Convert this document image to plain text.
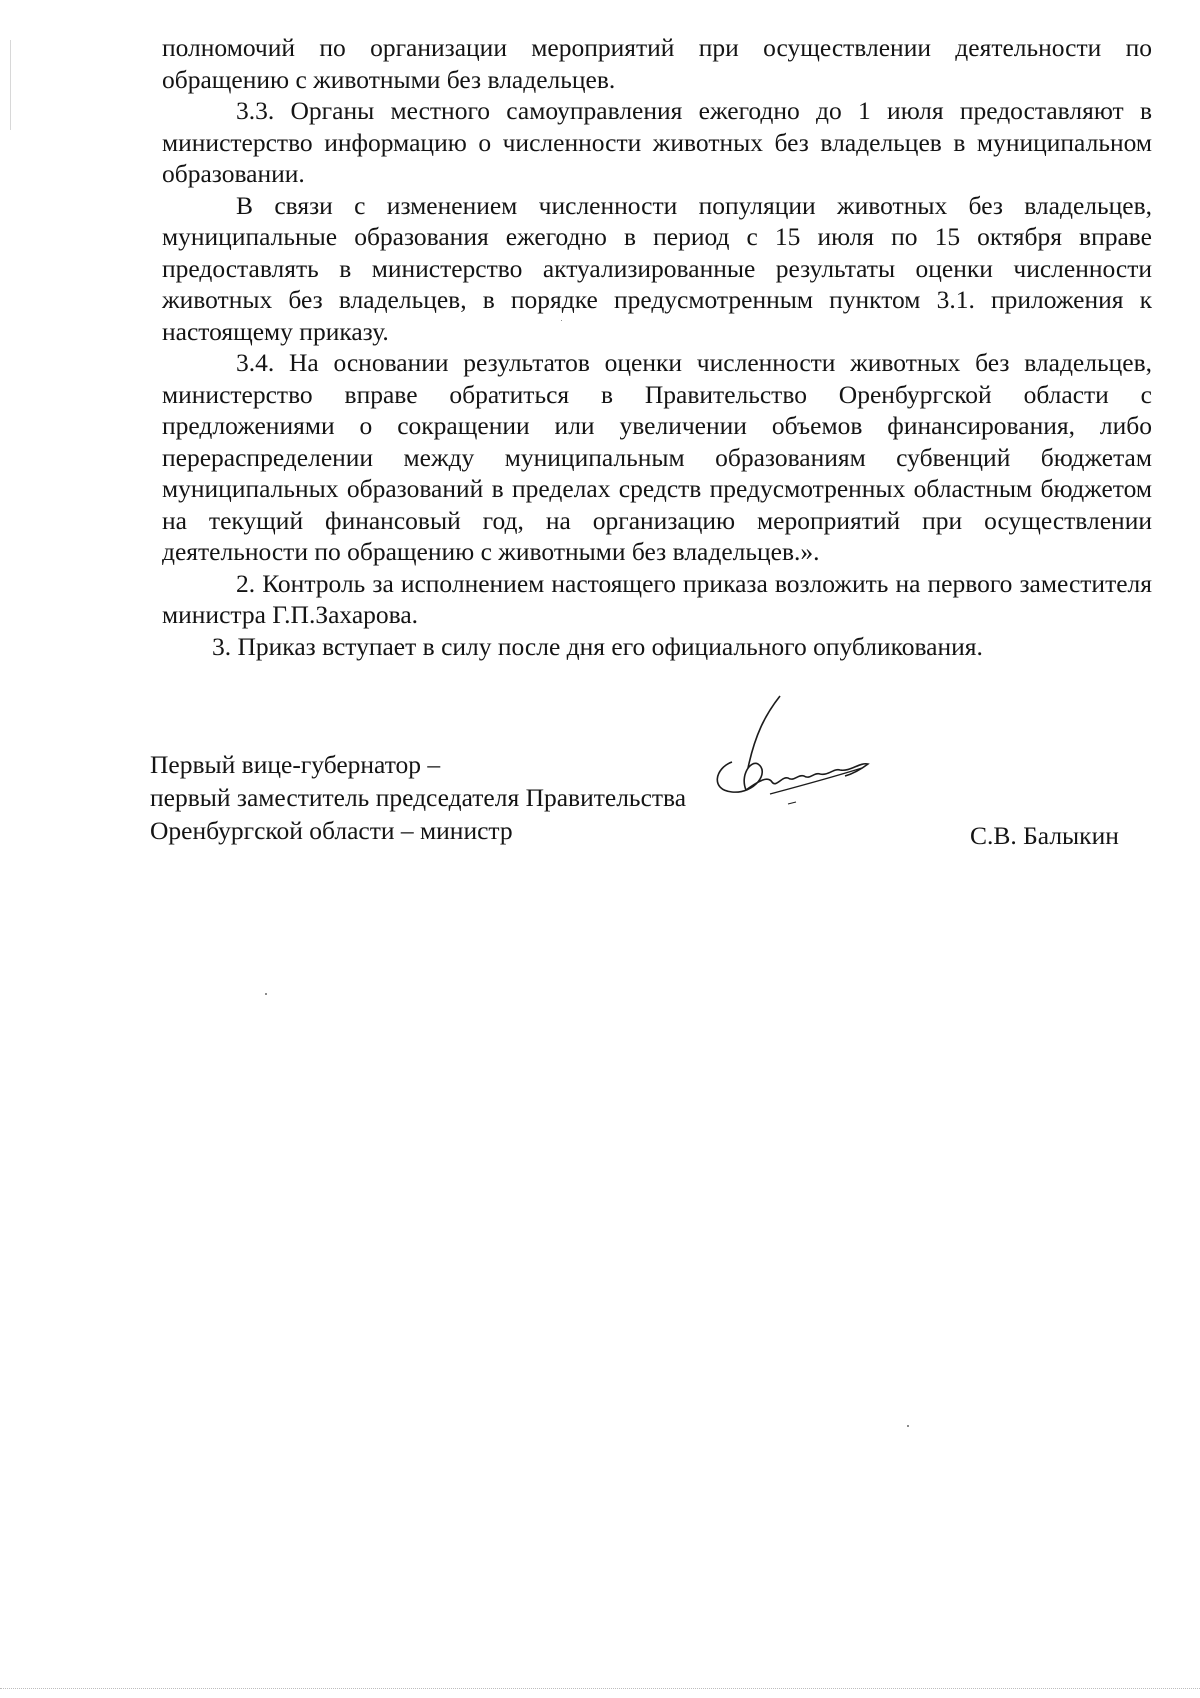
полномочий по организации мероприятий при осуществлении деятельности по обращению с животными без владельцев.

3.3. Органы местного самоуправления ежегодно до 1 июля предоставляют в министерство информацию о численности животных без владельцев в муниципальном образовании.

В связи с изменением численности популяции животных без владельцев, муниципальные образования ежегодно в период с 15 июля по 15 октября вправе предоставлять в министерство актуализированные результаты оценки численности животных без владельцев, в порядке предусмотренным пунктом 3.1. приложения к настоящему приказу.

3.4. На основании результатов оценки численности животных без владельцев, министерство вправе обратиться в Правительство Оренбургской области с предложениями о сокращении или увеличении объемов финансирования, либо перераспределении между муниципальным образованиям субвенций бюджетам муниципальных образований в пределах средств предусмотренных областным бюджетом на текущий финансовый год, на организацию мероприятий при осуществлении деятельности по обращению с животными без владельцев.».

2. Контроль за исполнением настоящего приказа возложить на первого заместителя министра Г.П.Захарова.

3. Приказ вступает в силу после дня его официального опубликования.

Первый вице-губернатор –
первый заместитель председателя Правительства
Оренбургской области – министр	С.В. Балыкин
